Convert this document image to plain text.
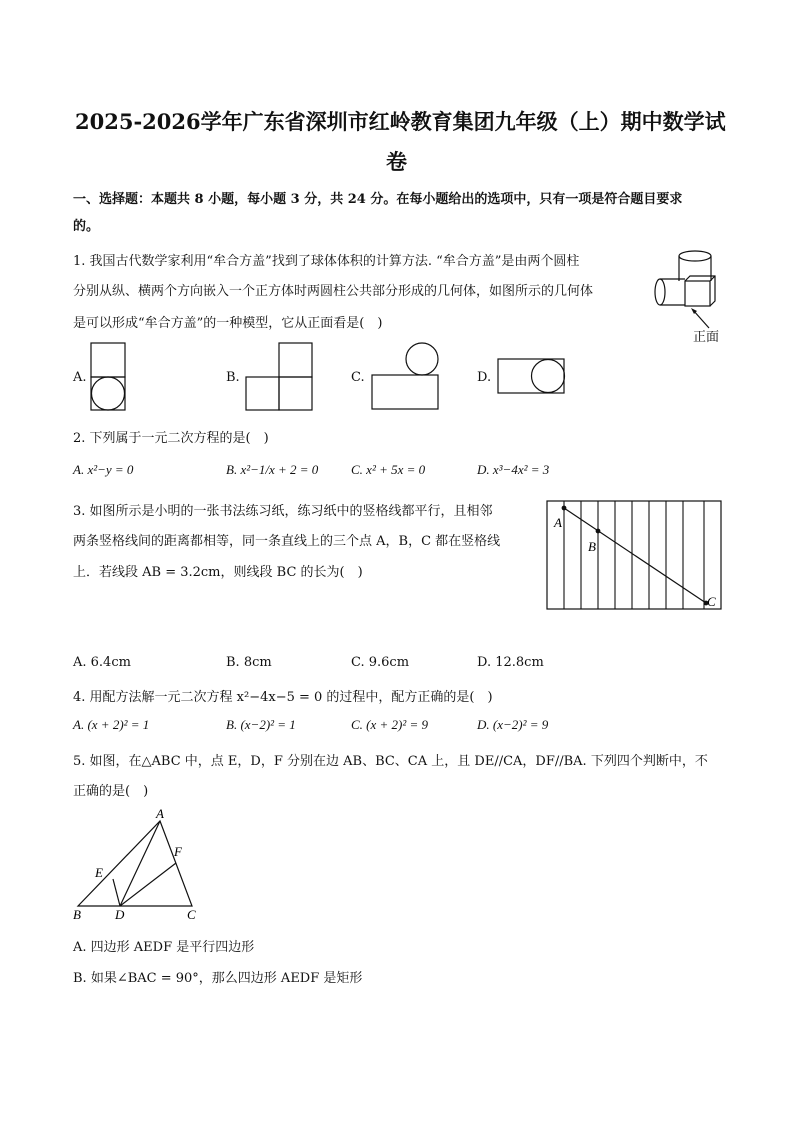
2025-2026学年广东省深圳市红岭教育集团九年级（上）期中数学试
卷
一、选择题：本题共 8 小题，每小题 3 分，共 24 分。在每小题给出的选项中，只有一项是符合题目要求
的。
1. 我国古代数学家利用“牟合方盖”找到了球体体积的计算方法. “牟合方盖”是由两个圆柱
分别从纵、横两个方向嵌入一个正方体时两圆柱公共部分形成的几何体，如图所示的几何体
是可以形成“牟合方盖”的一种模型，它从正面看是(　)
正面
A.	B.	C.	D.
2. 下列属于一元二次方程的是(　)
A. x²−y = 0	B. x²−1/x + 2 = 0	C. x² + 5x = 0	D. x³−4x² = 3
3. 如图所示是小明的一张书法练习纸，练习纸中的竖格线都平行，且相邻
两条竖格线间的距离都相等，同一条直线上的三个点 A，B，C 都在竖格线
上．若线段 AB = 3.2cm，则线段 BC 的长为(　)
A
B
C
A. 6.4cm	B. 8cm	C. 9.6cm	D. 12.8cm
4. 用配方法解一元二次方程 x²−4x−5 = 0 的过程中，配方正确的是(　)
A. (x + 2)² = 1	B. (x−2)² = 1	C. (x + 2)² = 9	D. (x−2)² = 9
5. 如图，在△ABC 中，点 E，D，F 分别在边 AB、BC、CA 上，且 DE//CA，DF//BA. 下列四个判断中，不
正确的是(　)
A
E
F
B	D	C
A. 四边形 AEDF 是平行四边形
B. 如果∠BAC = 90°，那么四边形 AEDF 是矩形
